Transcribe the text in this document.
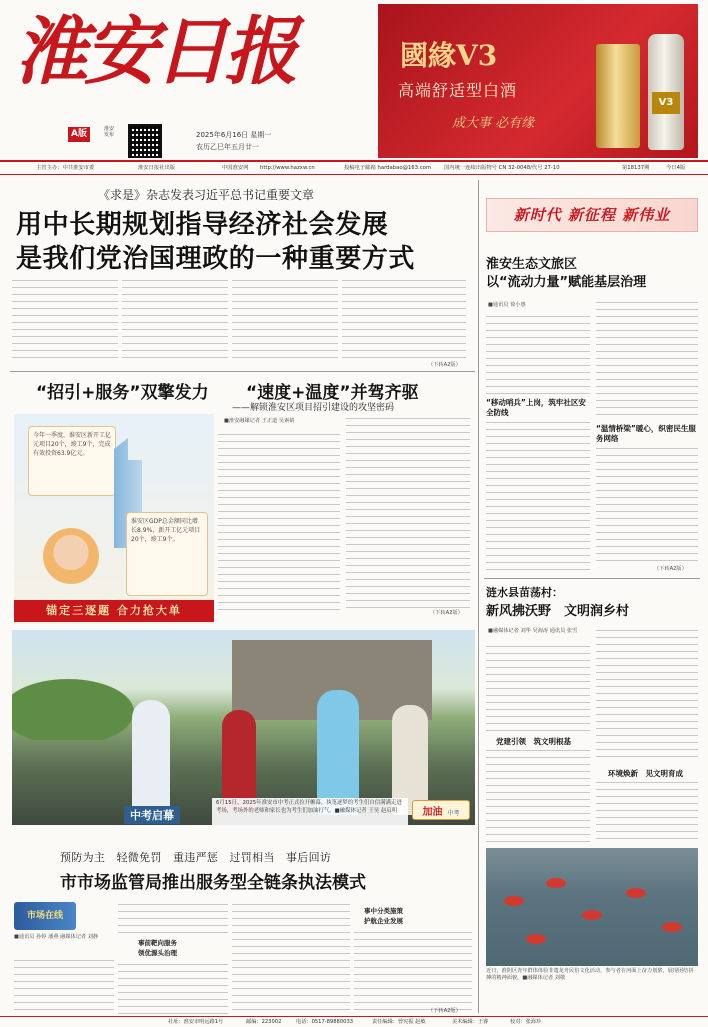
淮安日报
A版	淮安发布	2025年6月16日 星期一
农历乙巳年五月廿一
國緣V3
高端舒适型白酒
成大事 必有缘
V3
主管主办：中共淮安市委	淮安日报社出版	中国淮安网 http://www.hazxw.cn	投稿电子邮箱 hardabao@163.com 国内统一连续出版物号 CN 32-0048/代号 27-10	第18137期	今日4版
《求是》杂志发表习近平总书记重要文章
用中长期规划指导经济社会发展
是我们党治国理政的一种重要方式
（下转A2版）
“招引+服务”双擎发力 “速度+温度”并驾齐驱
——解锁淮安区项目招引建设的攻坚密码
今年一季度，淮安区新开工亿元项目20个，竣工9个，完成有效投资63.9亿元。
淮安区GDP总金额同比增长8.9%，新开工亿元项目20个，竣工9个。
锚定三逐题 合力抢大单
■淮安融媒记者 王正道 吴素婧
（下转A2版）
6月15日，2025年淮安市中考正式拉开帷幕。执笔逐梦的考生们自信满满走进考场，考场外的老师和家长也为考生们加油打气。■融媒体记者 王昊 赵启明
中考启幕	加油 中考
预防为主　轻微免罚　重违严惩　过罚相当　事后回访
市市场监管局推出服务型全链条执法模式
市场在线
■通讯员 孙婷 潘燕 融媒体记者 刘静
事前靶向服务
领优源头治理
事中分类施策
护航企业发展
（下转A2版）
新时代 新征程 新伟业
淮安生态文旅区
以“流动力量”赋能基层治理
■通讯员 徐小惠
“移动哨兵”上岗，筑牢社区安全防线
“温情桥梁”暖心，织密民生服务网络
（下转A2版）
涟水县苗荡村：
新风拂沃野　文明润乡村
■融媒体记者 刘华 吴海涛 通讯员 张雪
党建引领　筑文明根基
环境焕新　见文明育成
近日，淮阴区青年群体体验非遗龙舟民俗文化活动，参与者在河面上奋力划桨，展现团结拼搏的精神面貌。■融媒体记者 刘敬
社址：淮安市明远路1号	邮编：223002	电话：0517-89880033	责任编辑：曾宪振 赵敏	美术编辑：王睿	校对：张海珍
